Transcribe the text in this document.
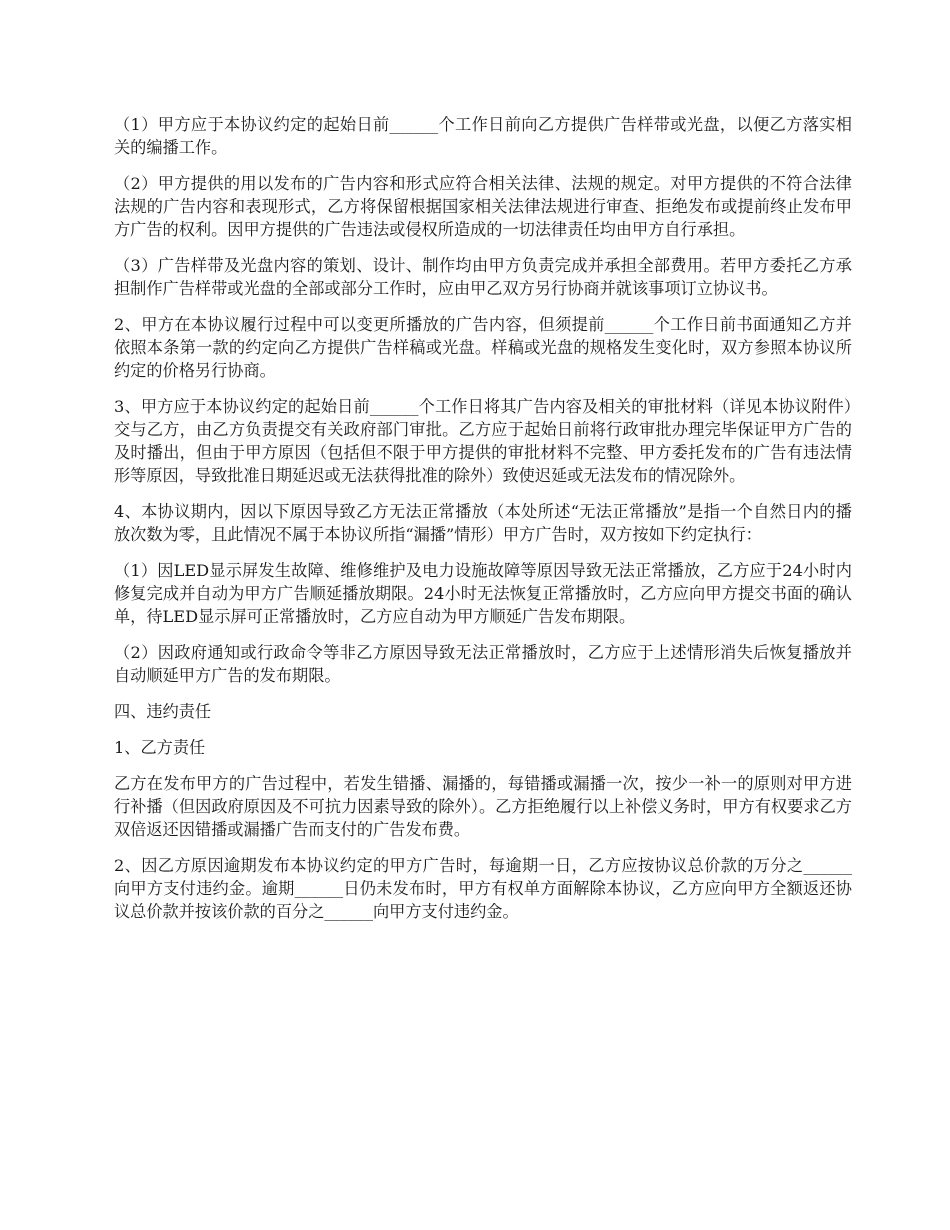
（1）甲方应于本协议约定的起始日前______个工作日前向乙方提供广告样带或光盘，以便乙方落实相关的编播工作。

（2）甲方提供的用以发布的广告内容和形式应符合相关法律、法规的规定。对甲方提供的不符合法律法规的广告内容和表现形式，乙方将保留根据国家相关法律法规进行审查、拒绝发布或提前终止发布甲方广告的权利。因甲方提供的广告违法或侵权所造成的一切法律责任均由甲方自行承担。

（3）广告样带及光盘内容的策划、设计、制作均由甲方负责完成并承担全部费用。若甲方委托乙方承担制作广告样带或光盘的全部或部分工作时，应由甲乙双方另行协商并就该事项订立协议书。

2、甲方在本协议履行过程中可以变更所播放的广告内容，但须提前______个工作日前书面通知乙方并依照本条第一款的约定向乙方提供广告样稿或光盘。样稿或光盘的规格发生变化时，双方参照本协议所约定的价格另行协商。

3、甲方应于本协议约定的起始日前______个工作日将其广告内容及相关的审批材料（详见本协议附件）交与乙方，由乙方负责提交有关政府部门审批。乙方应于起始日前将行政审批办理完毕保证甲方广告的及时播出，但由于甲方原因（包括但不限于甲方提供的审批材料不完整、甲方委托发布的广告有违法情形等原因，导致批准日期延迟或无法获得批准的除外）致使迟延或无法发布的情况除外。

4、本协议期内，因以下原因导致乙方无法正常播放（本处所述“无法正常播放”是指一个自然日内的播放次数为零，且此情况不属于本协议所指“漏播”情形）甲方广告时，双方按如下约定执行：

（1）因LED显示屏发生故障、维修维护及电力设施故障等原因导致无法正常播放，乙方应于24小时内修复完成并自动为甲方广告顺延播放期限。24小时无法恢复正常播放时，乙方应向甲方提交书面的确认单，待LED显示屏可正常播放时，乙方应自动为甲方顺延广告发布期限。

（2）因政府通知或行政命令等非乙方原因导致无法正常播放时，乙方应于上述情形消失后恢复播放并自动顺延甲方广告的发布期限。

四、违约责任

1、乙方责任

乙方在发布甲方的广告过程中，若发生错播、漏播的，每错播或漏播一次，按少一补一的原则对甲方进行补播（但因政府原因及不可抗力因素导致的除外）。乙方拒绝履行以上补偿义务时，甲方有权要求乙方双倍返还因错播或漏播广告而支付的广告发布费。

2、因乙方原因逾期发布本协议约定的甲方广告时，每逾期一日，乙方应按协议总价款的万分之______向甲方支付违约金。逾期______日仍未发布时，甲方有权单方面解除本协议，乙方应向甲方全额返还协议总价款并按该价款的百分之______向甲方支付违约金。
